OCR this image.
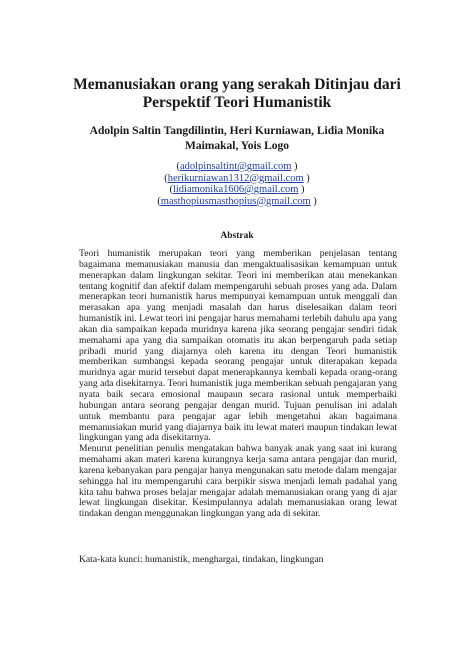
Memanusiakan orang yang serakah Ditinjau dari
Perspektif Teori Humanistik
Adolpin Saltin Tangdilintin, Heri Kurniawan, Lidia Monika
Maimakal, Yois Logo
(adolpinsaltint@gmail.com )
(herikurniawan1312@gmail.com )
(lidiamonika1606@gmail.com )
(masthopiusmasthopius@gmail.com )
Abstrak

Teori humanistik merupakan teori yang memberikan penjelasan tentang bagaimana memanusiakan manusia dan mengaktualisasikan kemampuan untuk menerapkan dalam lingkungan sekitar. Teori ini memberikan atau menekankan tentang kognitif dan afektif dalam mempengaruhi sebuah proses yang ada. Dalam menerapkan teori humanistik harus mempunyai kemampuan untuk menggali dan merasakan apa yang menjadi masalah dan harus diselesaikan dalam teori humanistik ini. Lewat teori ini pengajar harus memahami terlebih dahulu apa yang akan dia sampaikan kepada muridnya karena jika seorang pengajar sendiri tidak memahami apa yang dia sampaikan otomatis itu akan berpengaruh pada setiap pribadi murid yang diajarnya oleh karena itu dengan Teori humanistik memberikan sumbangsi kepada seorang pengajar untuk diterapakan kepada muridnya agar murid tersebut dapat menerapkannya kembali kepada orang-orang yang ada disekitarnya. Teori humanistik juga memberikan sebuah pengajaran yang nyata baik secara emosional maupaun secara rasional untuk memperbaiki hubungan antara seorang pengajar dengan murid. Tujuan penulisan ini adalah untuk membantu para pengajar agar lebih mengetahui akan bagaimana memanusiakan murid yang diajarnya baik itu lewat materi maupun tindakan lewat lingkungan yang ada disekitarnya.

Menurut penelitian penulis mengatakan bahwa banyak anak yang saat ini kurang memahami akan materi karena kurangnya kerja sama antara pengajar dan murid, karena kebanyakan para pengajar hanya mengunakan satu metode dalam mengajar sehingga hal itu mempengaruhi cara berpikir siswa menjadi lemah padahal yang kita tahu bahwa proses belajar mengajar adalah memanusiakan orang yang di ajar lewat lingkungan disekitar. Kesimpulannya adalah memanusiakan orang lewat tindakan dengan menggunakan lingkungan yang ada di sekitar.

Kata-kata kunci: humanistik, menghargai, tindakan, lingkungan
